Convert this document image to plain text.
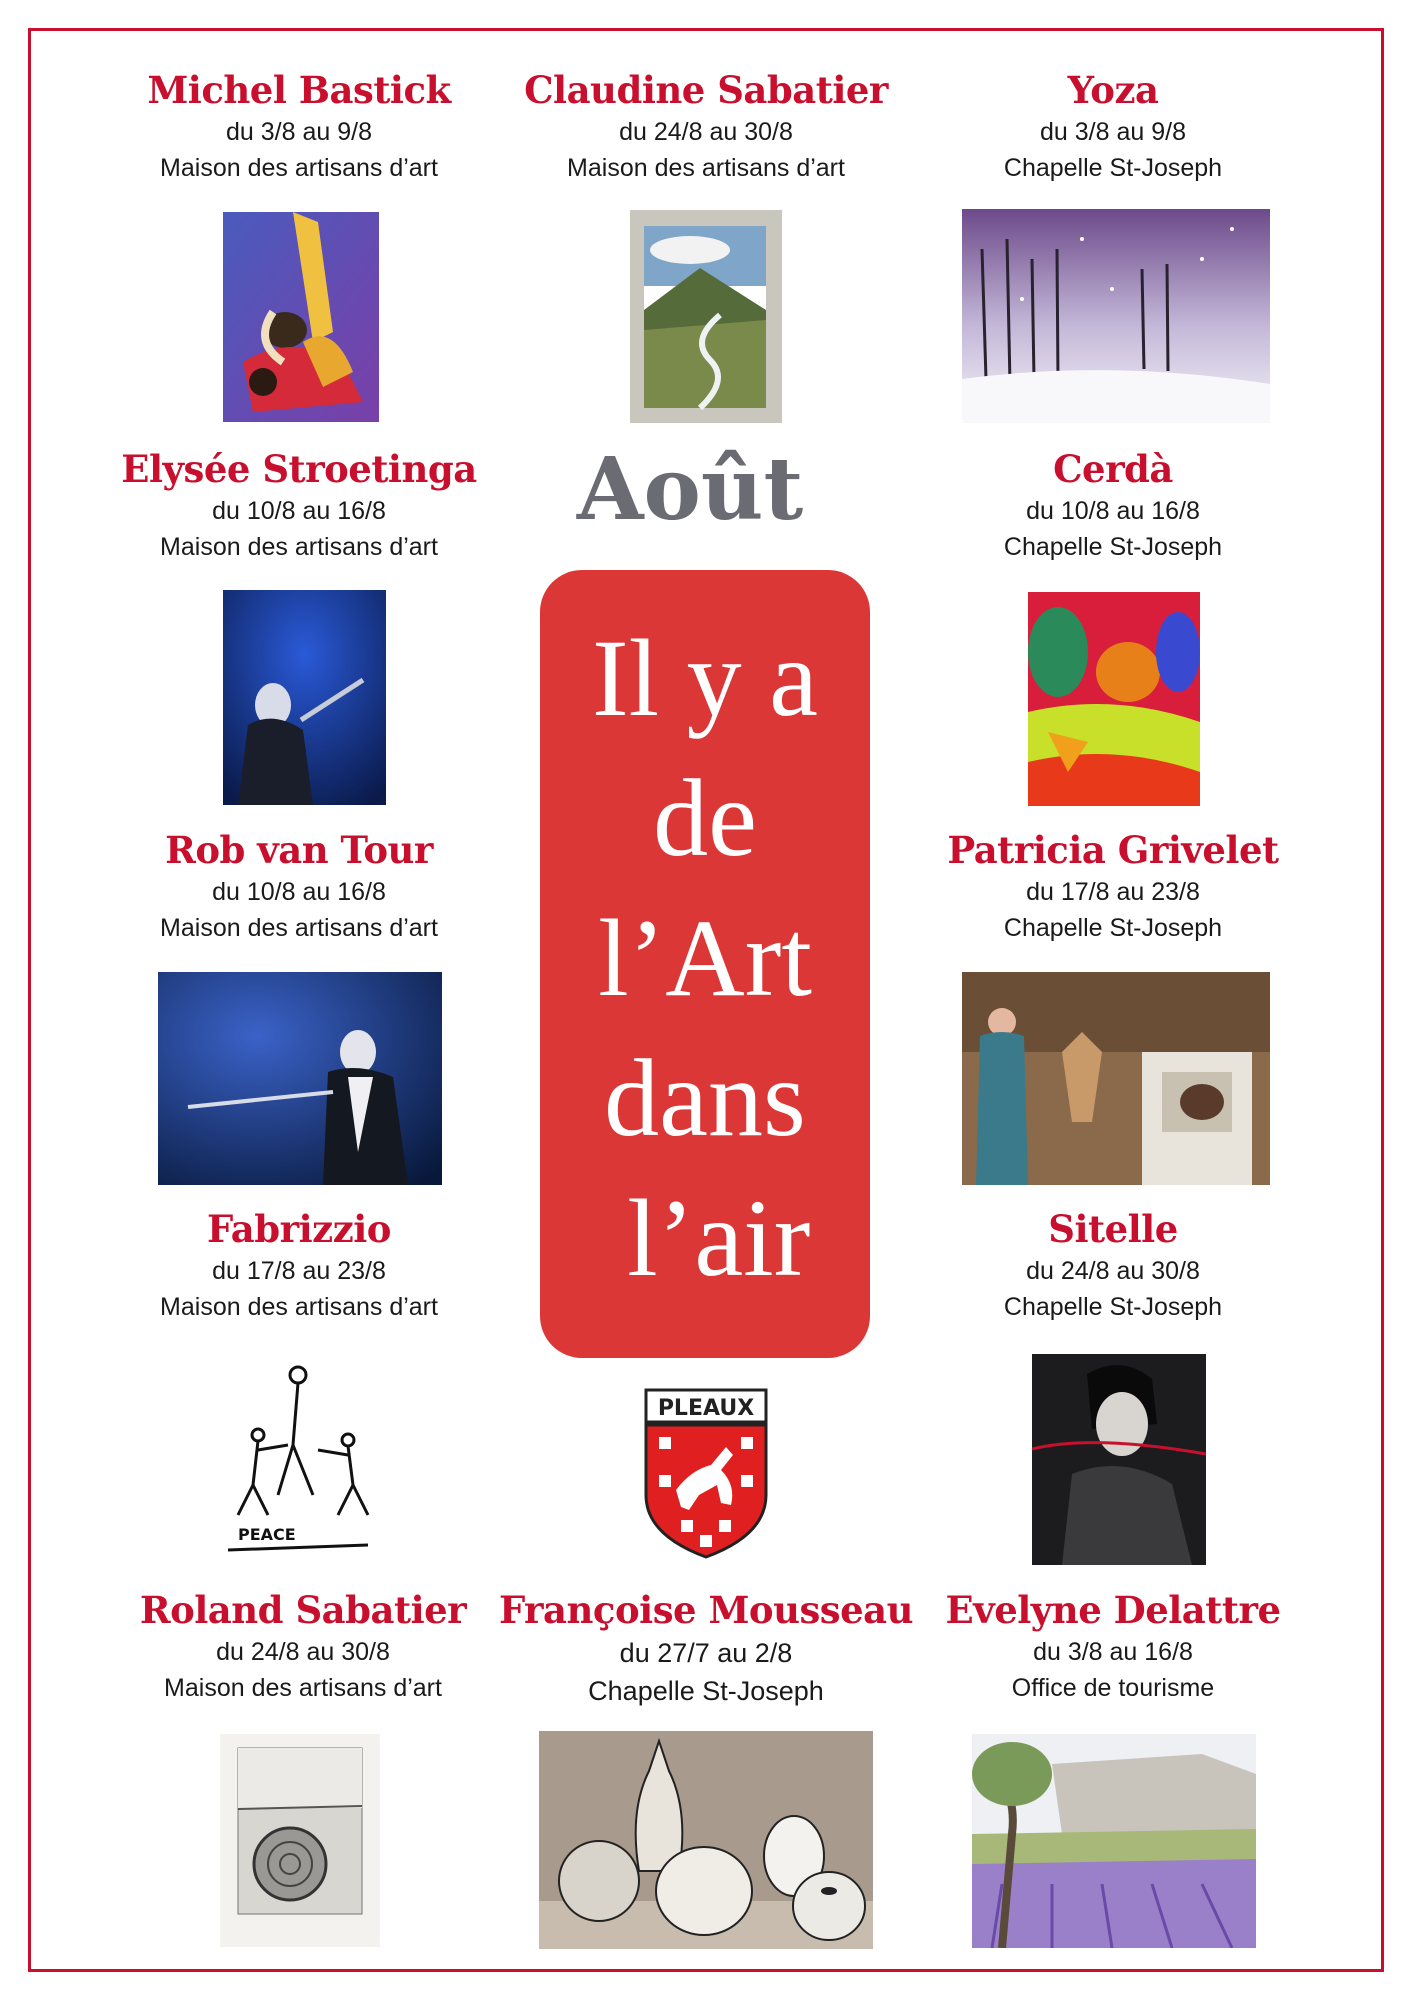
Michel Bastick
du 3/8 au 9/8
Maison des artisans d’art
Claudine Sabatier
du 24/8 au 30/8
Maison des artisans d’art
Yoza
du 3/8 au 9/8
Chapelle St-Joseph
Elysée Stroetinga
du 10/8 au 16/8
Maison des artisans d’art
Août	Cerdà
du 10/8 au 16/8
Chapelle St-Joseph
Il y a
de
l’Art
dans
l’air
Rob van Tour
du 10/8 au 16/8
Maison des artisans d’art
Patricia Grivelet
du 17/8 au 23/8
Chapelle St-Joseph
Fabrizzio
du 17/8 au 23/8
Maison des artisans d’art
PEACE
PLEAUX
Sitelle
du 24/8 au 30/8
Chapelle St-Joseph
Roland Sabatier
du 24/8 au 30/8
Maison des artisans d’art
Françoise Mousseau
du 27/7 au 2/8
Chapelle St-Joseph
Evelyne Delattre
du 3/8 au 16/8
Office de tourisme
